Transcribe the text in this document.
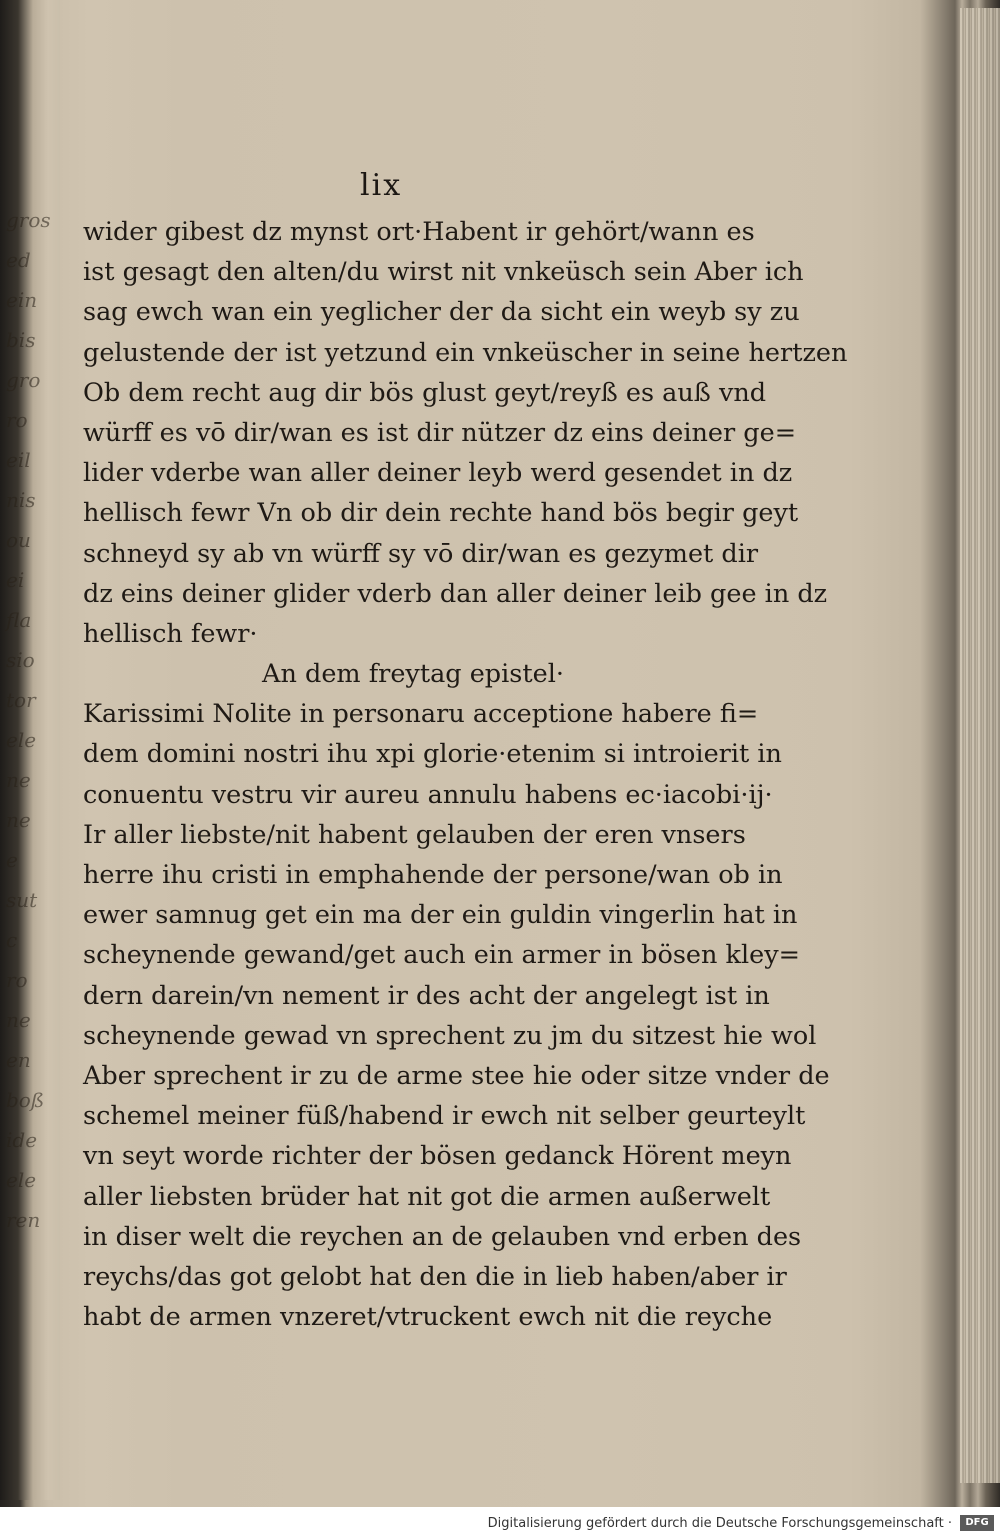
gros
ed
ein
bis
gro
ro
eil
nis
ou
ei
fla
sio
tor
ele
ne
ne
e
sut
c
ro
ne
en
boß
ide
ele
ren
lix
wider gibest dz mynst ort·Habent ir gehört/wann es
ist gesagt den alten/du wirst nit vnkeüsch sein Aber ich
sag ewch wan ein yeglicher der da sicht ein weyb sy zu
gelustende der ist yetzund ein vnkeüscher in seine hertzen
Ob dem recht aug dir bös glust geyt/reyß es auß vnd
würff es vō dir/wan es ist dir nützer dz eins deiner ge=
lider vderbe wan aller deiner leyb werd gesendet in dz
hellisch fewr Vn ob dir dein rechte hand bös begir geyt
schneyd sy ab vn würff sy vō dir/wan es gezymet dir
dz eins deiner glider vderb dan aller deiner leib gee in dz
hellisch fewr·
An dem freytag epistel·
Karissimi Nolite in personaru acceptione habere fi=
dem domini nostri ihu xpi glorie·etenim si introierit in
conuentu vestru vir aureu annulu habens ec·iacobi·ij·
Ir aller liebste/nit habent gelauben der eren vnsers
herre ihu cristi in emphahende der persone/wan ob in
ewer samnug get ein ma der ein guldin vingerlin hat in
scheynende gewand/get auch ein armer in bösen kley=
dern darein/vn nement ir des acht der angelegt ist in
scheynende gewad vn sprechent zu jm du sitzest hie wol
Aber sprechent ir zu de arme stee hie oder sitze vnder de
schemel meiner füß/habend ir ewch nit selber geurteylt
vn seyt worde richter der bösen gedanck Hörent meyn
aller liebsten brüder hat nit got die armen außerwelt
in diser welt die reychen an de gelauben vnd erben des
reychs/das got gelobt hat den die in lieb haben/aber ir
habt de armen vnzeret/vtruckent ewch nit die reyche
Digitalisierung gefördert durch die Deutsche Forschungsgemeinschaft ·	DFG
